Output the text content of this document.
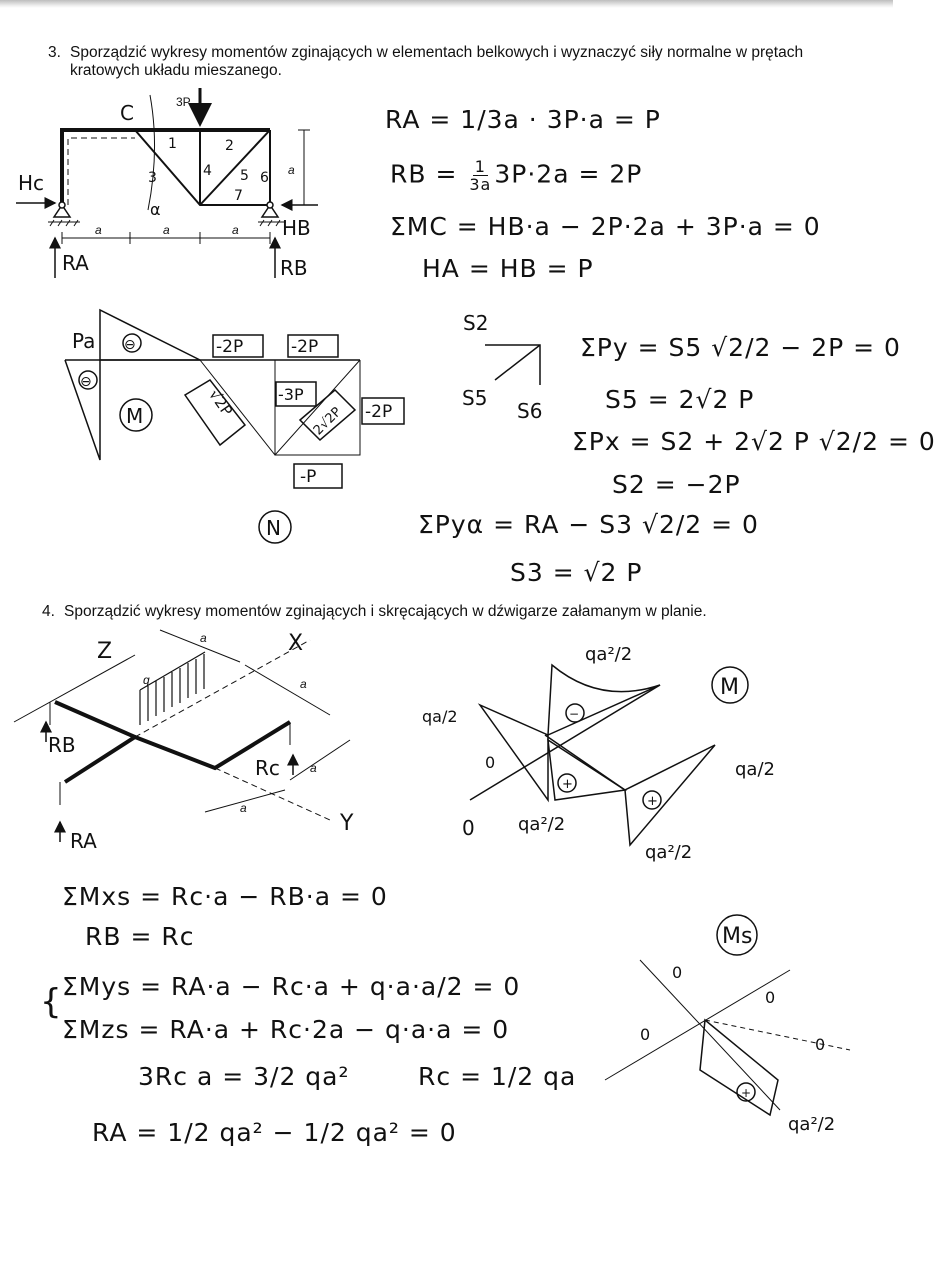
3. Sporządzić wykresy momentów zginających w elementach belkowych i wyznaczyć siły normalne w prętach
kratowych układu mieszanego.
4. Sporządzić wykresy momentów zginających i skręcających w dźwigarze załamanym w planie.
3P
C
α
1	2
3	4 5 6
7
a	a	a
a
Hc
HB
RA	RB
Pa ⊖
⊖
M
N
-2P	-2P
-3P
-2P
-P
√2P
2√2P
S2
S5
S6
Z	X
Y
a
a
a
a
q
RB
RA
Rc
qa²/2
qa/2
qa/2
0
0 qa²/2
qa²/2
−
+
+
M
Ms
0
0
0
0
+
qa²/2
RA = 1/3a · 3P·a = P
RB = $\frac{1}{3a} 3P\cdot 2a = 2P$
ΣMC = HB·a − 2P·2a + 3P·a = 0
HA = HB = P
ΣPy = S5 √2/2 − 2P = 0
S5 = 2√2 P
ΣPx = S2 + 2√2 P √2/2 = 0
S2 = −2P
ΣPyα = RA − S3 √2/2 = 0
S3 = √2 P
ΣMxs = Rc·a − RB·a = 0
RB = Rc
{ ΣMys = RA·a − Rc·a + q·a·a/2 = 0
ΣMzs = RA·a + Rc·2a − q·a·a = 0
3Rc a = 3/2 qa²	Rc = 1/2 qa
RA = 1/2 qa² − 1/2 qa² = 0
